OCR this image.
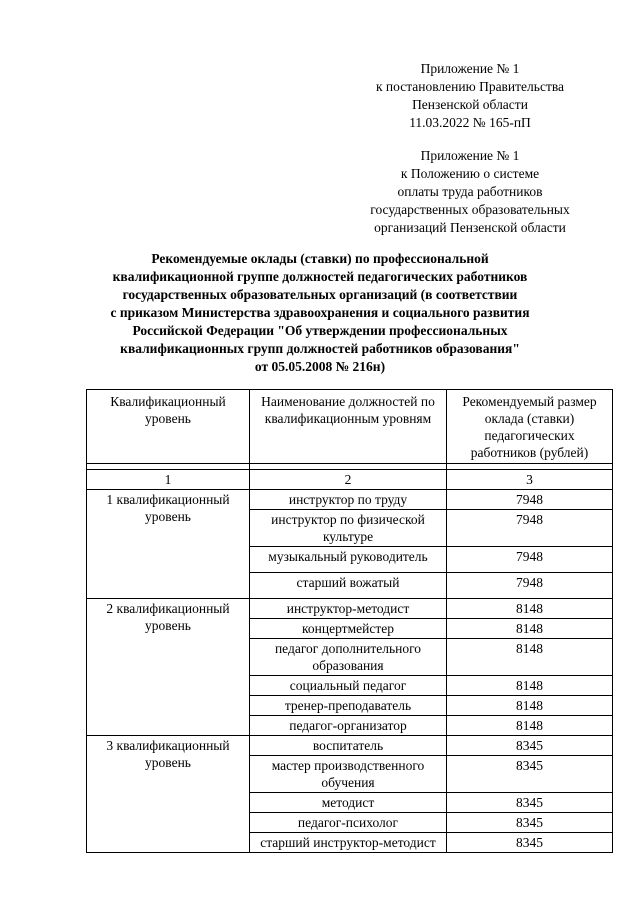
Приложение № 1
к постановлению Правительства
Пензенской области
11.03.2022 № 165-пП
Приложение № 1
к Положению о системе
оплаты труда работников
государственных образовательных
организаций Пензенской области
Рекомендуемые оклады (ставки) по профессиональной
квалификационной группе должностей педагогических работников
государственных образовательных организаций (в соответствии
с приказом Министерства здравоохранения и социального развития
Российской Федерации "Об утверждении профессиональных
квалификационных групп должностей работников образования"
от 05.05.2008 № 216н)
Квалификационный уровень	Наименование должностей по квалификационным уровням	Рекомендуемый размер оклада (ставки) педагогических работников (рублей)

1	2	3
1 квалификационный уровень	инструктор по труду	7948
	инструктор по физической культуре	7948
	музыкальный руководитель	7948
	старший вожатый	7948
2 квалификационный уровень	инструктор-методист	8148
	концертмейстер	8148
	педагог дополнительного образования	8148
	социальный педагог	8148
	тренер-преподаватель	8148
	педагог-организатор	8148
3 квалификационный уровень	воспитатель	8345
	мастер производственного обучения	8345
	методист	8345
	педагог-психолог	8345
	старший инструктор-методист	8345
